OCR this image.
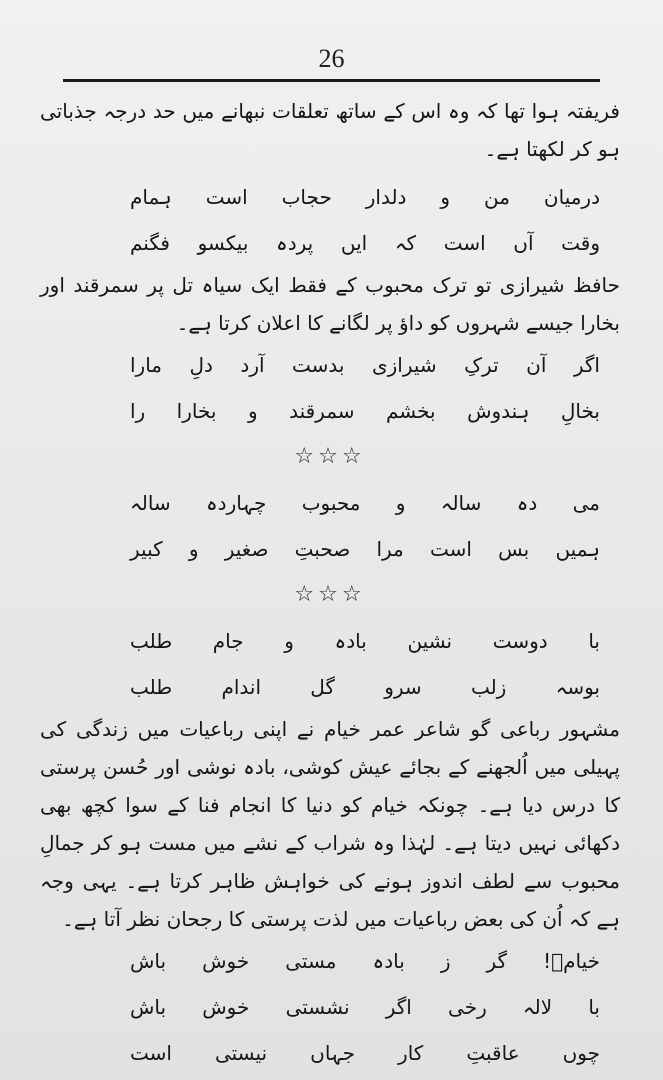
26

فریفتہ ہوا تھا کہ وہ اس کے ساتھ تعلقات نبھانے میں حد درجہ جذباتی ہو کر لکھتا ہے۔

درمیان من و دلدار حجاب است ہمام
وقت آں است کہ ایں پردہ بیکسو فگنم

حافظ شیرازی تو ترک محبوب کے فقط ایک سیاہ تل پر سمرقند اور بخارا جیسے شہروں کو داؤ پر لگانے کا اعلان کرتا ہے۔

اگر آن ترکِ شیرازی بدست آرد دلِ مارا
بخالِ ہندوش بخشم سمرقند و بخارا را
☆☆☆
می دہ سالہ و محبوب چہاردہ سالہ
ہمیں بس است مرا صحبتِ صغیر و کبیر
☆☆☆
با دوست نشین بادہ و جام طلب
بوسہ زلب سرو گل اندام طلب

مشہور رباعی گو شاعر عمر خیام نے اپنی رباعیات میں زندگی کی پہیلی میں اُلجھنے کے بجائے عیش کوشی، بادہ نوشی اور حُسن پرستی کا درس دیا ہے۔ چونکہ خیام کو دنیا کا انجام فنا کے سوا کچھ بھی دکھائی نہیں دیتا ہے۔ لہٰذا وہ شراب کے نشے میں مست ہو کر جمالِ محبوب سے لطف اندوز ہونے کی خواہش ظاہر کرتا ہے۔ یہی وجہ ہے کہ اُن کی بعض رباعیات میں لذت پرستی کا رجحان نظر آتا ہے۔

خیامؔ! گر ز بادہ مستی خوش باش
با لالہ رخی اگر نشستی خوش باش
چوں عاقبتِ کار جہاں نیستی است
